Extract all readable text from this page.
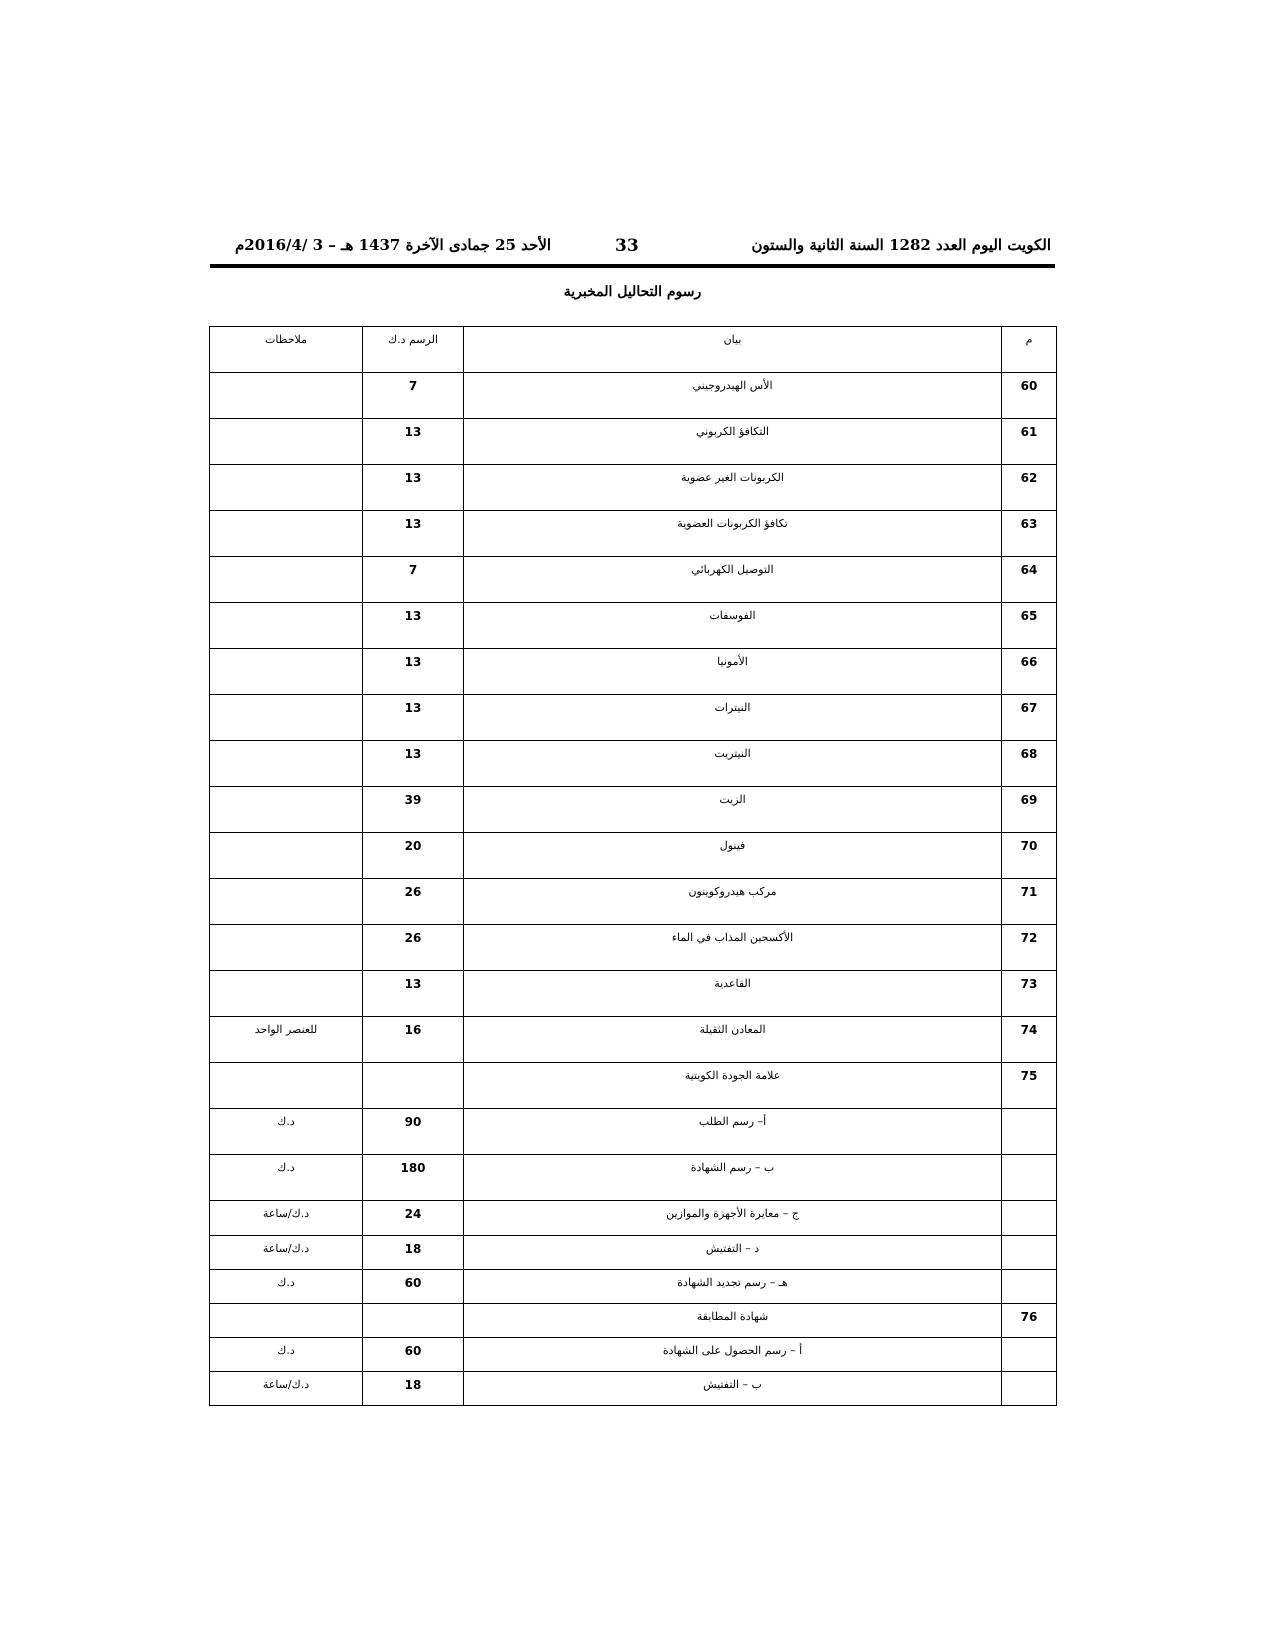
الكويت اليوم العدد 1282 السنة الثانية والستون
33
الأحد 25 جمادى الآخرة 1437 هـ – 3 /2016/4م
رسوم التحاليل المخبرية
ملاحظات	الرسم د.ك	بيان	م
	7	الأس الهيدروجيني	60
	13	التكافؤ الكربوني	61
	13	الكربونات الغير عضوية	62
	13	تكافؤ الكربونات العضوية	63
	7	التوصيل الكهربائي	64
	13	الفوسفات	65
	13	الأمونيا	66
	13	النيترات	67
	13	النيتريت	68
	39	الزيت	69
	20	فينول	70
	26	مركب هيدروكوينون	71
	26	الأكسجين المذاب في الماء	72
	13	القاعدية	73
للعنصر الواحد	16	المعادن الثقيلة	74
		علامة الجودة الكويتية	75
د.ك	90	أ– رسم الطلب	
د.ك	180	ب – رسم الشهادة	
د.ك/ساعة	24	ج – معايرة الأجهزة والموازين	
د.ك/ساعة	18	د – التفتيش	
د.ك	60	هـ – رسم تجديد الشهادة	
		شهادة المطابقة	76
د.ك	60	أ – رسم الحصول على الشهادة	
د.ك/ساعة	18	ب – التفتيش	
